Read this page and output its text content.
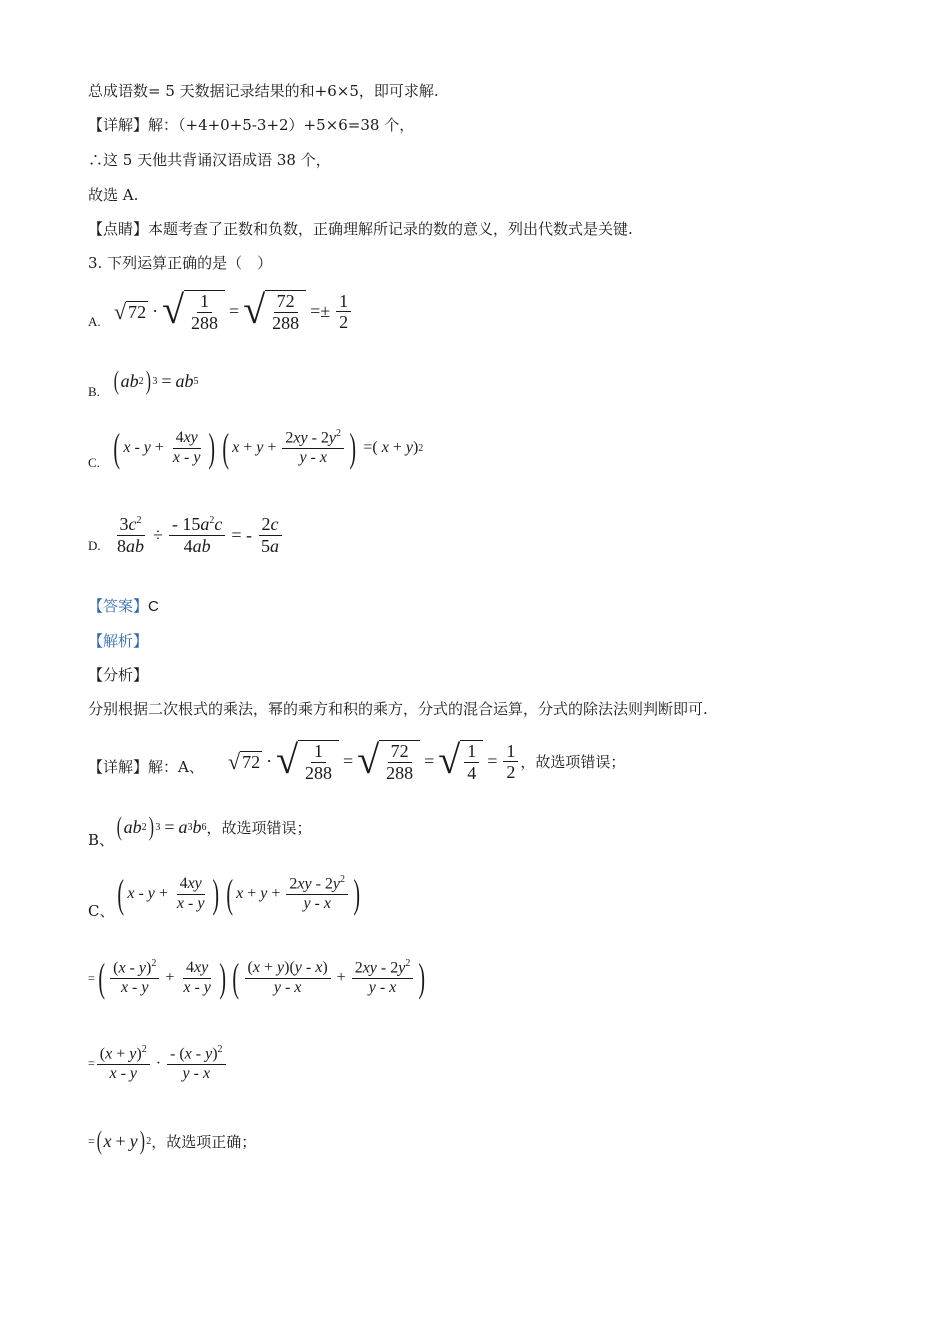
总成语数= 5 天数据记录结果的和+6×5，即可求解.
【详解】解：（+4+0+5-3+2）+5×6=38 个，
∴这 5 天他共背诵汉语成语 38 个，
故选 A.
【点睛】本题考查了正数和负数，正确理解所记录的数的意义，列出代数式是关键.
3. 下列运算正确的是（　）
A. √ 72 · √ $\frac{1}{288}$ = √ $\frac{72}{288} =\pm \frac{1}{2}$
B. ( ab 2 ) 3 = ab 5
C. ( $x - y + \frac{4xy}{x - y}$ ) ( $x + y + \frac{2xy - 2y^2}{y - x}$ ) =( x + y ) 2
D. $\frac{3c^2}{8ab} \div \frac{- 15a^2c}{4ab}$ = - $\frac{2c}{5a}$
【答案】C
【解析】
【分析】
分别根据二次根式的乘法，幂的乘方和积的乘方，分式的混合运算，分式的除法法则判断即可.
【详解】解：A、 √ 72 · √ $\frac{1}{288}$ = √ $\frac{72}{288}$ = √ $\frac{1}{4} = \frac{1}{2}$ ，故选项错误；
B、 ( ab 2 ) 3 = a 3 b 6 ，故选项错误；
C、 ( $x - y + \frac{4xy}{x - y}$ ) ( $x + y + \frac{2xy - 2y^2}{y - x}$ )
= ( $\frac{(x - y)^2}{x - y} + \frac{4xy}{x - y}$ ) ( $\frac{(x + y)(y - x)}{y - x} + \frac{2xy - 2y^2}{y - x}$ )
= $\frac{(x + y)^2}{x - y} \cdot \frac{- (x - y)^2}{y - x}$
= ( x + y ) 2 ，故选项正确；
